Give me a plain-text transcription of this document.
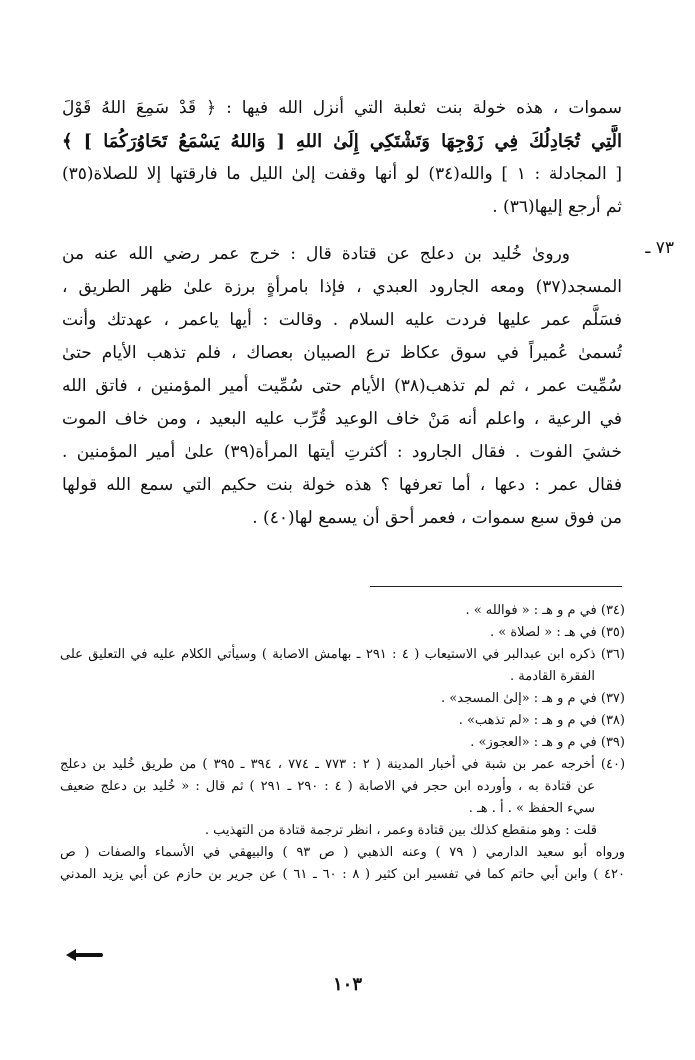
سموات ، هذه خولة بنت ثعلبة التي أنزل الله فيها : ﴿ قَدْ سَمِعَ اللهُ قَوْلَ
الَّتِي تُجَادِلُكَ فِي زَوْجِهَا وَتَشْتَكِي إِلَىٰ اللهِ [ وَاللهُ يَسْمَعُ تَحَاوُرَكُمَا ] ﴾
[ المجادلة : ١ ] والله(٣٤) لو أنها وقفت إلىٰ الليل ما فارقتها إلا للصلاة(٣٥)
ثم أرجع إليها(٣٦) .
٧٣ ـ
وروىٰ خُليد بن دعلج عن قتادة قال : خرج عمر رضي الله عنه من
المسجد(٣٧) ومعه الجارود العبدي ، فإذا بامرأةٍ برزة علىٰ ظهر الطريق ،
فسَلَّم عمر عليها فردت عليه السلام . وقالت : أيها ياعمر ، عهدتك وأنت
تُسمىٰ عُميراً في سوق عكاظ ترع الصبيان بعصاك ، فلم تذهب الأيام حتىٰ
سُمِّيت عمر ، ثم لم تذهب(٣٨) الأيام حتى سُمِّيت أمير المؤمنين ، فاتق الله
في الرعية ، واعلم أنه مَنْ خاف الوعيد قُرِّب عليه البعيد ، ومن خاف الموت
خشيَ الفوت . فقال الجارود : أكثرتِ أيتها المرأة(٣٩) علىٰ أمير المؤمنين .
فقال عمر : دعها ، أما تعرفها ؟ هذه خولة بنت حكيم التي سمع الله قولها
من فوق سبع سموات ، فعمر أحق أن يسمع لها(٤٠) .
(٣٤) في م و هـ : « فوالله » .
(٣٥) في هـ : « لصلاة » .
(٣٦) ذكره ابن عبدالبر في الاستيعاب ( ٤ : ٢٩١ ـ بهامش الاصابة ) وسيأتي الكلام عليه في التعليق على
الفقرة القادمة .
(٣٧) في م و هـ : «إلىٰ المسجد» .
(٣٨) في م و هـ : «لم تذهب» .
(٣٩) في م و هـ : «العجوز» .
(٤٠) أخرجه عمر بن شبة في أخبار المدينة ( ٢ : ٧٧٣ ـ ٧٧٤ ، ٣٩٤ ـ ٣٩٥ ) من طريق خُليد بن دعلج
عن قتادة به ، وأورده ابن حجر في الاصابة ( ٤ : ٢٩٠ ـ ٢٩١ ) ثم قال : « خُليد بن دعلج ضعيف
سيء الحفظ » . أ . هـ .
قلت : وهو منقطع كذلك بين قتادة وعمر ، انظر ترجمة قتادة من التهذيب .
ورواه أبو سعيد الدارمي ( ٧٩ ) وعنه الذهبي ( ص ٩٣ ) والبيهقي في الأسماء والصفات ( ص
٤٢٠ ) وابن أبي حاتم كما في تفسير ابن كثير ( ٨ : ٦٠ ـ ٦١ ) عن جرير بن حازم عن أبي يزيد المدني
١٠٣
